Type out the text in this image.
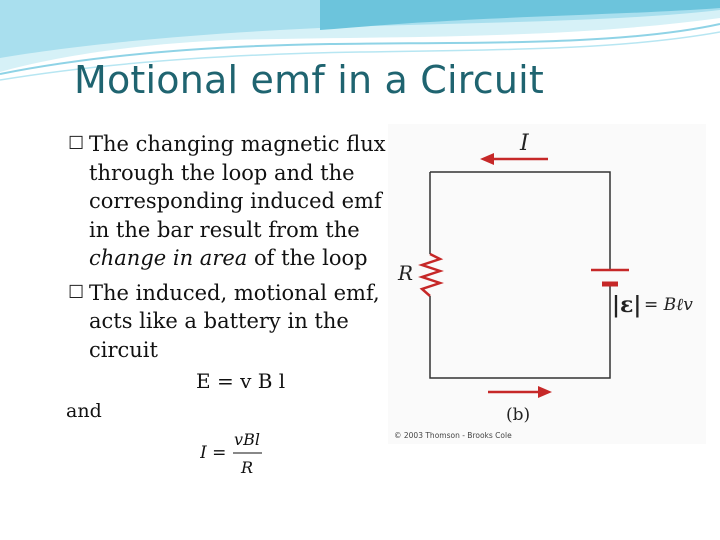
Motional emf in a Circuit
☐ The changing magnetic flux through the loop and the corresponding induced emf in the bar result from the change in area of the loop
☐ The induced, motional emf, acts like a battery in the circuit
E = v B l
and
I =
vBl
R
I
R
|ε| = Bℓv
(b)
© 2003 Thomson - Brooks Cole
